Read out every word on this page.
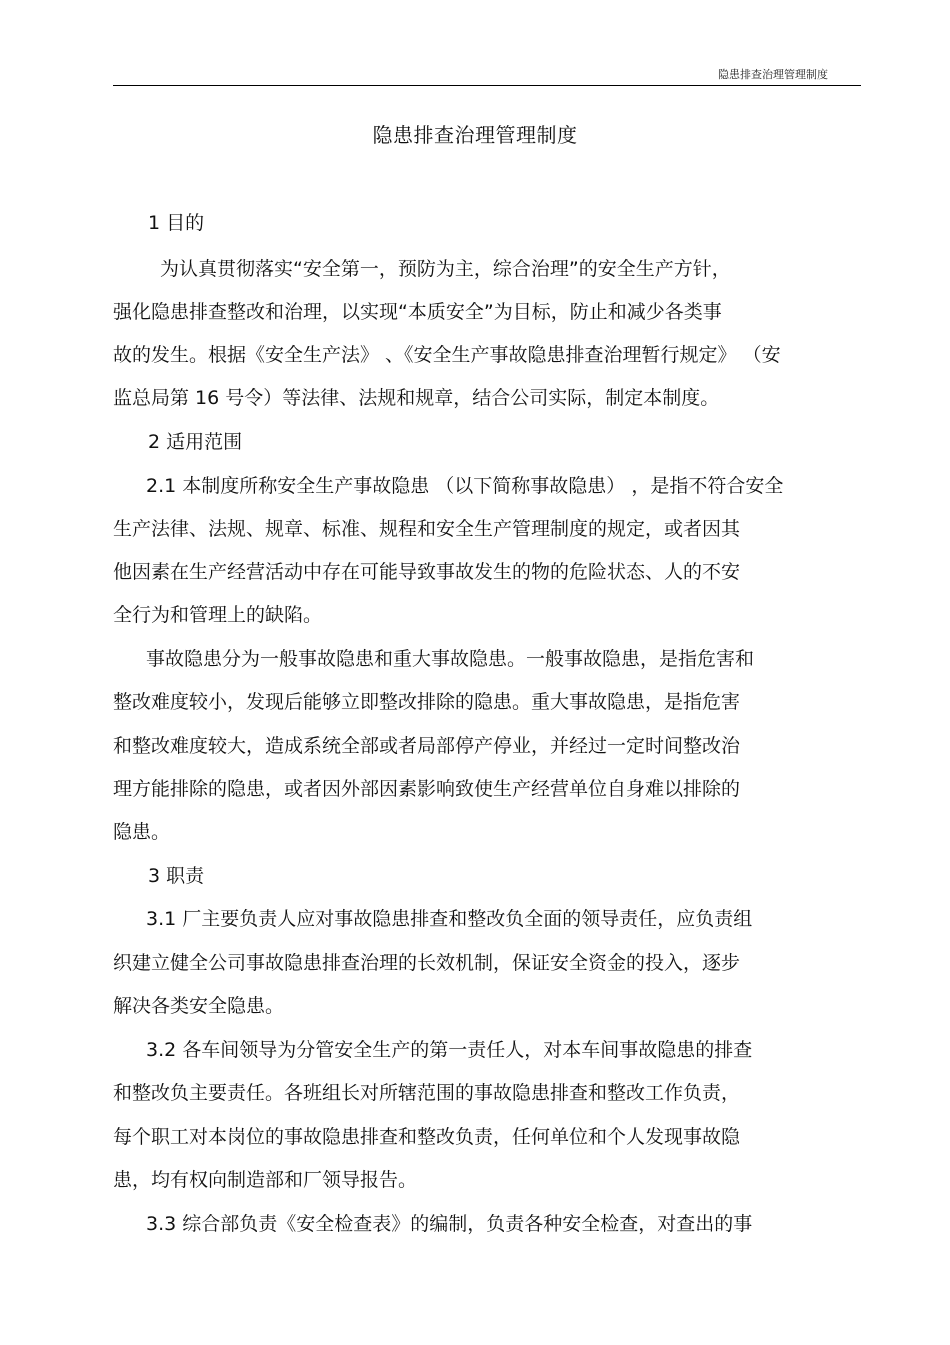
隐患排查治理管理制度
隐患排查治理管理制度
1 目的
为认真贯彻落实“安全第一，预防为主，综合治理”的安全生产方针，
强化隐患排查整改和治理，以实现“本质安全”为目标，防止和减少各类事
故的发生。根据《安全生产法》 、《安全生产事故隐患排查治理暂行规定》 （安
监总局第 16 号令）等法律、法规和规章，结合公司实际，制定本制度。
2 适用范围
2.1 本制度所称安全生产事故隐患 （以下简称事故隐患） ，是指不符合安全
生产法律、法规、规章、标准、规程和安全生产管理制度的规定，或者因其
他因素在生产经营活动中存在可能导致事故发生的物的危险状态、人的不安
全行为和管理上的缺陷。
事故隐患分为一般事故隐患和重大事故隐患。一般事故隐患，是指危害和
整改难度较小，发现后能够立即整改排除的隐患。重大事故隐患，是指危害
和整改难度较大，造成系统全部或者局部停产停业，并经过一定时间整改治
理方能排除的隐患，或者因外部因素影响致使生产经营单位自身难以排除的
隐患。
3 职责
3.1 厂主要负责人应对事故隐患排查和整改负全面的领导责任，应负责组
织建立健全公司事故隐患排查治理的长效机制，保证安全资金的投入，逐步
解决各类安全隐患。
3.2 各车间领导为分管安全生产的第一责任人，对本车间事故隐患的排查
和整改负主要责任。各班组长对所辖范围的事故隐患排查和整改工作负责，
每个职工对本岗位的事故隐患排查和整改负责，任何单位和个人发现事故隐
患，均有权向制造部和厂领导报告。
3.3 综合部负责《安全检查表》的编制，负责各种安全检查，对查出的事
